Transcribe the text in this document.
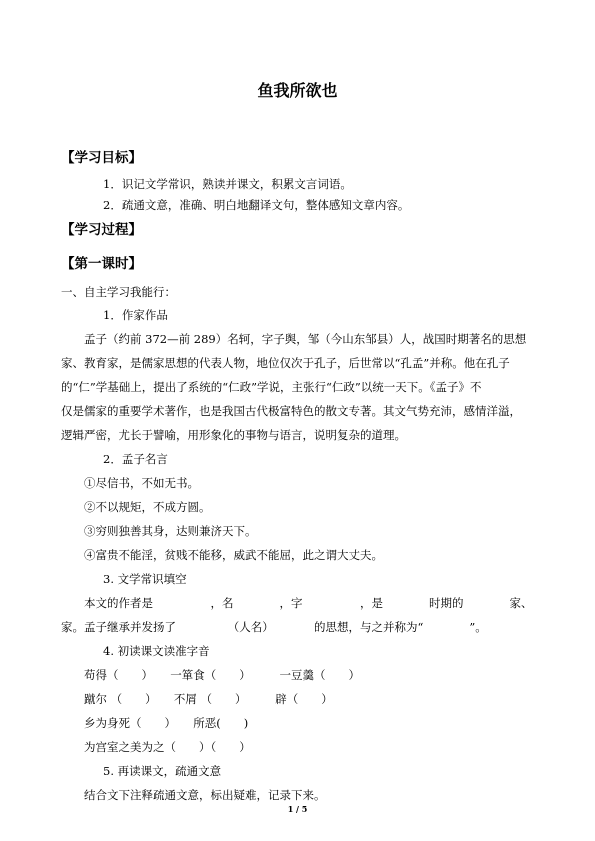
鱼我所欲也
【学习目标】
1．识记文学常识，熟读并课文，积累文言词语。
2．疏通文意，准确、明白地翻译文句，整体感知文章内容。
【学习过程】
【第一课时】
一、自主学习我能行：
1．作家作品
孟子（约前 372—前 289）名轲，字子舆，邹（今山东邹县）人，战国时期著名的思想
家、教育家，是儒家思想的代表人物，地位仅次于孔子，后世常以“孔孟”并称。他在孔子
的“仁”学基础上，提出了系统的“仁政”学说，主张行“仁政”以统一天下。《孟子》不
仅是儒家的重要学术著作，也是我国古代极富特色的散文专著。其文气势充沛，感情洋溢，
逻辑严密，尤长于譬喻，用形象化的事物与语言，说明复杂的道理。
2．孟子名言
①尽信书，不如无书。
②不以规矩，不成方圆。
③穷则独善其身，达则兼济天下。
④富贵不能淫，贫贱不能移，威武不能屈，此之谓大丈夫。
3. 文学常识填空
本文的作者是　　　　　，名　　　　，字　　　　　，是　　　　时期的　　　　家、
家。孟子继承并发扬了　　　　　（人名）　　　　的思想，与之并称为“　　　　”。
4. 初读课文读准字音
苟得（　　）　　一箪食（　　）　　　一豆羹（　　）
蹴尔 （　　）　　不屑 （　　）　　　辟（　　）
乡为身死（　　）　　所恶(　　)
为宫室之美为之（　　）（　　）
5. 再读课文，疏通文意
结合文下注释疏通文意，标出疑难，记录下来。
1 / 5
